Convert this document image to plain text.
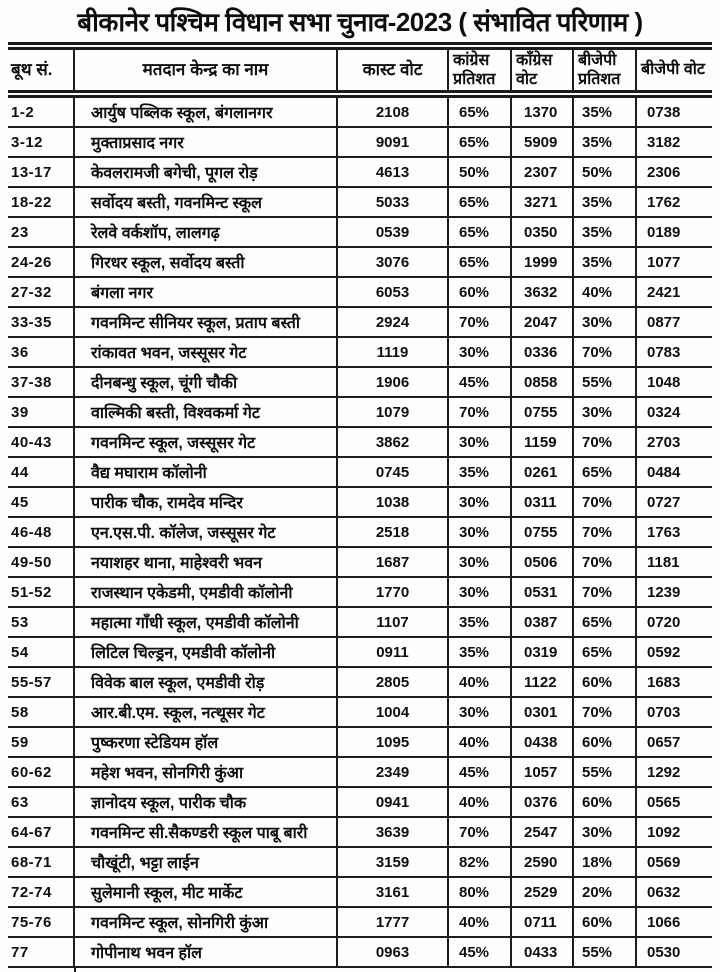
बीकानेर पश्चिम विधान सभा चुनाव-2023 ( संभावित परिणाम )
बूथ सं.	मतदान केन्द्र का नाम	कास्ट वोट	कांग्रेस प्रतिशत	काँग्रेस वोट	बीजेपी प्रतिशत	बीजेपी वोट
1-2	आर्युष पब्लिक स्कूल, बंगलानगर	2108	65%	1370	35%	0738
3-12	मुक्ताप्रसाद नगर	9091	65%	5909	35%	3182
13-17	केवलरामजी बगेची, पूगल रोड़	4613	50%	2307	50%	2306
18-22	सर्वोदय बस्ती, गवनमिन्ट स्कूल	5033	65%	3271	35%	1762
23	रेलवे वर्कशॉप, लालगढ़	0539	65%	0350	35%	0189
24-26	गिरधर स्कूल, सर्वोदय बस्ती	3076	65%	1999	35%	1077
27-32	बंगला नगर	6053	60%	3632	40%	2421
33-35	गवनमिन्ट सीनियर स्कूल, प्रताप बस्ती	2924	70%	2047	30%	0877
36	रांकावत भवन, जस्सूसर गेट	1119	30%	0336	70%	0783
37-38	दीनबन्धु स्कूल, चूंगी चौकी	1906	45%	0858	55%	1048
39	वाल्मिकी बस्ती, विश्वकर्मा गेट	1079	70%	0755	30%	0324
40-43	गवनमिन्ट स्कूल, जस्सूसर गेट	3862	30%	1159	70%	2703
44	वैद्य मघाराम कॉलोनी	0745	35%	0261	65%	0484
45	पारीक चौक, रामदेव मन्दिर	1038	30%	0311	70%	0727
46-48	एन.एस.पी. कॉलेज, जस्सूसर गेट	2518	30%	0755	70%	1763
49-50	नयाशहर थाना, माहेश्वरी भवन	1687	30%	0506	70%	1181
51-52	राजस्थान एकेडमी, एमडीवी कॉलोनी	1770	30%	0531	70%	1239
53	महात्मा गाँधी स्कूल, एमडीवी कॉलोनी	1107	35%	0387	65%	0720
54	लिटिल चिल्ड्रन, एमडीवी कॉलोनी	0911	35%	0319	65%	0592
55-57	विवेक बाल स्कूल, एमडीवी रोड़	2805	40%	1122	60%	1683
58	आर.बी.एम. स्कूल, नत्थूसर गेट	1004	30%	0301	70%	0703
59	पुष्करणा स्टेडियम हॉल	1095	40%	0438	60%	0657
60-62	महेश भवन, सोनगिरी कुंआ	2349	45%	1057	55%	1292
63	ज्ञानोदय स्कूल, पारीक चौक	0941	40%	0376	60%	0565
64-67	गवनमिन्ट सी.सैकण्डरी स्कूल पाबू बारी	3639	70%	2547	30%	1092
68-71	चौखूंटी, भट्टा लाईन	3159	82%	2590	18%	0569
72-74	सुलेमानी स्कूल, मीट मार्केट	3161	80%	2529	20%	0632
75-76	गवनमिन्ट स्कूल, सोनगिरी कुंआ	1777	40%	0711	60%	1066
77	गोपीनाथ भवन हॉल	0963	45%	0433	55%	0530
